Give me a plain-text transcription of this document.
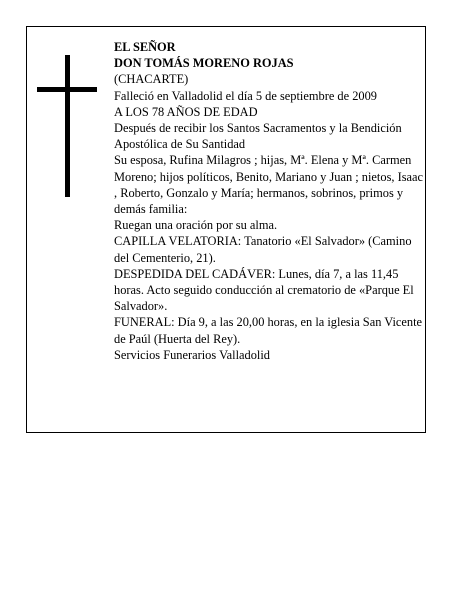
EL SEÑOR

DON TOMÁS MORENO ROJAS

(CHACARTE)

Falleció en Valladolid el día 5 de septiembre de 2009

A LOS 78 AÑOS DE EDAD

Después de recibir los Santos Sacramentos y la Bendición Apostólica de Su Santidad

Su esposa, Rufina Milagros ; hijas, Mª. Elena y Mª. Carmen Moreno; hijos políticos, Benito, Mariano y Juan ; nietos, Isaac , Roberto, Gonzalo y María; hermanos, sobrinos, primos y demás familia:

Ruegan una oración por su alma.

CAPILLA VELATORIA: Tanatorio «El Salvador» (Camino del Cementerio, 21).

DESPEDIDA DEL CADÁVER: Lunes, día 7, a las 11,45 horas. Acto seguido conducción al crematorio de «Parque El Salvador».

FUNERAL: Día 9, a las 20,00 horas, en la iglesia San Vicente de Paúl (Huerta del Rey).

Servicios Funerarios Valladolid
